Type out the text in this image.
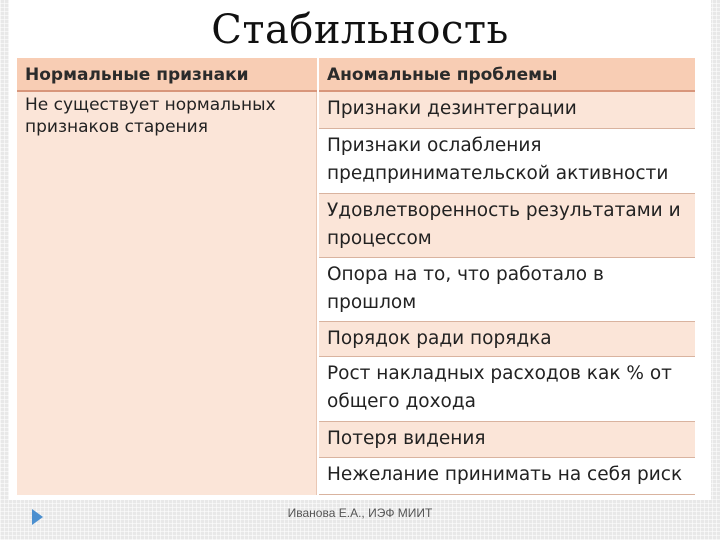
Стабильность
Нормальные признаки	Аномальные проблемы
Не существует нормальных признаков старения
Признаки дезинтеграции
Признаки ослабления предпринимательской активности
Удовлетворенность результатами и процессом
Опора на то, что работало в прошлом
Порядок ради порядка
Рост накладных расходов как % от общего дохода
Потеря видения
Нежелание принимать на себя риск
Иванова Е.А., ИЭФ МИИТ
